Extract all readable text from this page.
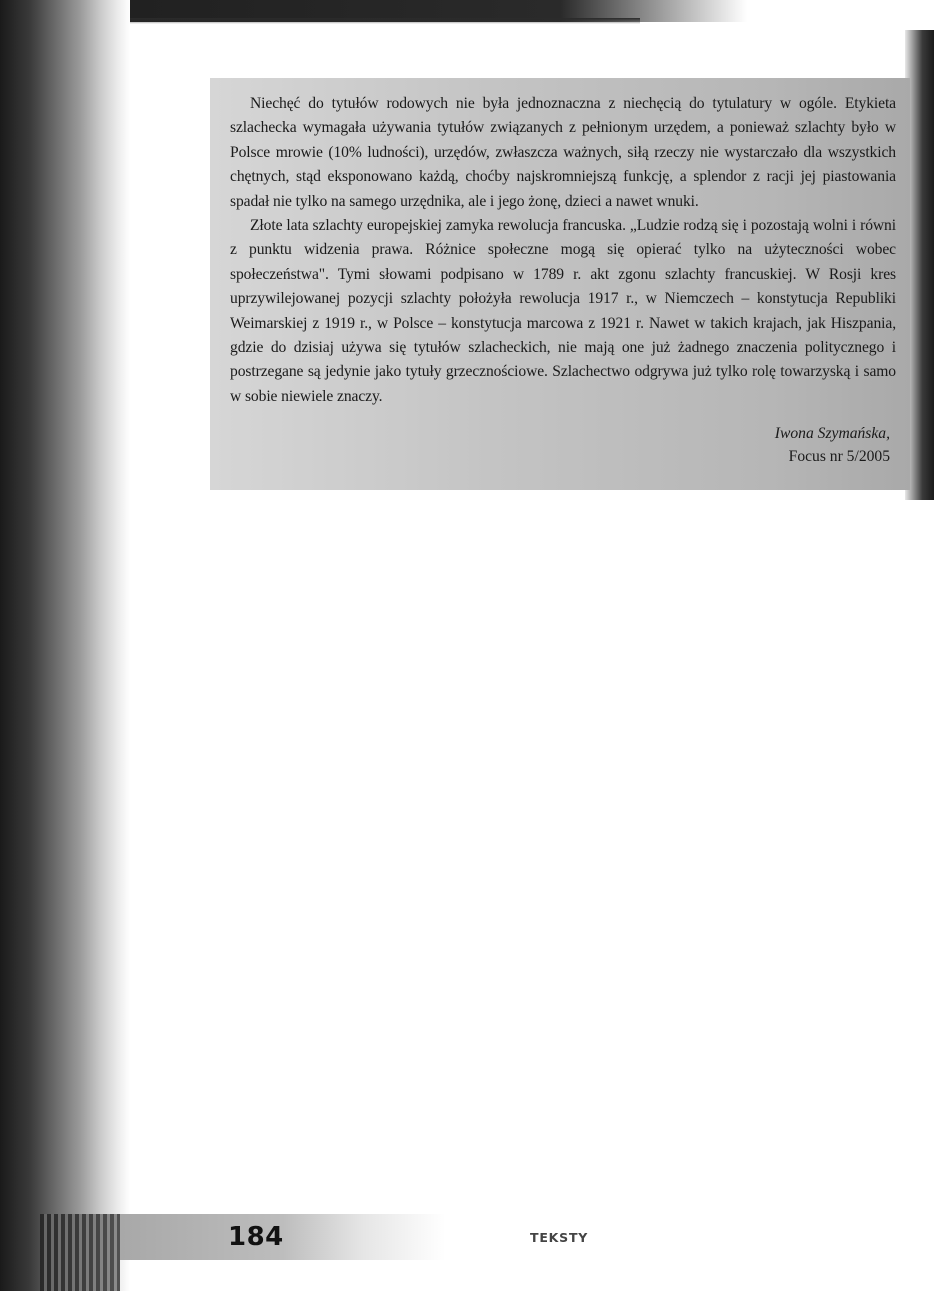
Niechęć do tytułów rodowych nie była jednoznaczna z niechęcią do tytulatury w ogóle. Etykieta szlachecka wymagała używania tytułów związanych z pełnionym urzędem, a ponieważ szlachty było w Polsce mrowie (10% ludności), urzędów, zwłaszcza ważnych, siłą rzeczy nie wystarczało dla wszystkich chętnych, stąd eksponowano każdą, choćby najskromniejszą funkcję, a splendor z racji jej piastowania spadał nie tylko na samego urzędnika, ale i jego żonę, dzieci a nawet wnuki.

Złote lata szlachty europejskiej zamyka rewolucja francuska. „Ludzie rodzą się i pozostają wolni i równi z punktu widzenia prawa. Różnice społeczne mogą się opierać tylko na użyteczności wobec społeczeństwa". Tymi słowami podpisano w 1789 r. akt zgonu szlachty francuskiej. W Rosji kres uprzywilejowanej pozycji szlachty położyła rewolucja 1917 r., w Niemczech – konstytucja Republiki Weimarskiej z 1919 r., w Polsce – konstytucja marcowa z 1921 r. Nawet w takich krajach, jak Hiszpania, gdzie do dzisiaj używa się tytułów szlacheckich, nie mają one już żadnego znaczenia politycznego i postrzegane są jedynie jako tytuły grzecznościowe. Szlachectwo odgrywa już tylko rolę towarzyską i samo w sobie niewiele znaczy.

Iwona Szymańska,
Focus nr 5/2005
184	TEKSTY
